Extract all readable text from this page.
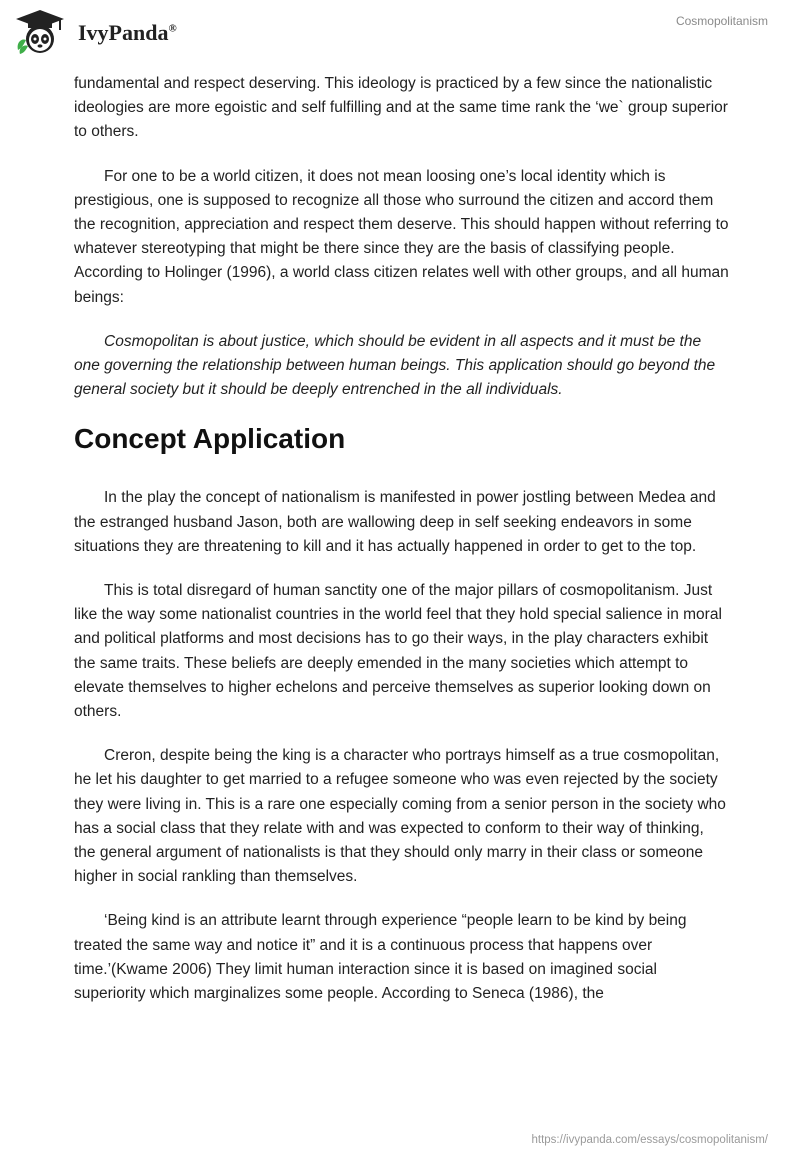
IvyPanda®
Cosmopolitanism

fundamental and respect deserving. This ideology is practiced by a few since the nationalistic ideologies are more egoistic and self fulfilling and at the same time rank the ‘we` group superior to others.

For one to be a world citizen, it does not mean loosing one’s local identity which is prestigious, one is supposed to recognize all those who surround the citizen and accord them the recognition, appreciation and respect them deserve. This should happen without referring to whatever stereotyping that might be there since they are the basis of classifying people. According to Holinger (1996), a world class citizen relates well with other groups, and all human beings:

Cosmopolitan is about justice, which should be evident in all aspects and it must be the one governing the relationship between human beings. This application should go beyond the general society but it should be deeply entrenched in the all individuals.

Concept Application

In the play the concept of nationalism is manifested in power jostling between Medea and the estranged husband Jason, both are wallowing deep in self seeking endeavors in some situations they are threatening to kill and it has actually happened in order to get to the top.

This is total disregard of human sanctity one of the major pillars of cosmopolitanism. Just like the way some nationalist countries in the world feel that they hold special salience in moral and political platforms and most decisions has to go their ways, in the play characters exhibit the same traits. These beliefs are deeply emended in the many societies which attempt to elevate themselves to higher echelons and perceive themselves as superior looking down on others.

Creron, despite being the king is a character who portrays himself as a true cosmopolitan, he let his daughter to get married to a refugee someone who was even rejected by the society they were living in. This is a rare one especially coming from a senior person in the society who has a social class that they relate with and was expected to conform to their way of thinking, the general argument of nationalists is that they should only marry in their class or someone higher in social rankling than themselves.

‘Being kind is an attribute learnt through experience “people learn to be kind by being treated the same way and notice it” and it is a continuous process that happens over time.’(Kwame 2006) They limit human interaction since it is based on imagined social superiority which marginalizes some people. According to Seneca (1986), the

https://ivypanda.com/essays/cosmopolitanism/
